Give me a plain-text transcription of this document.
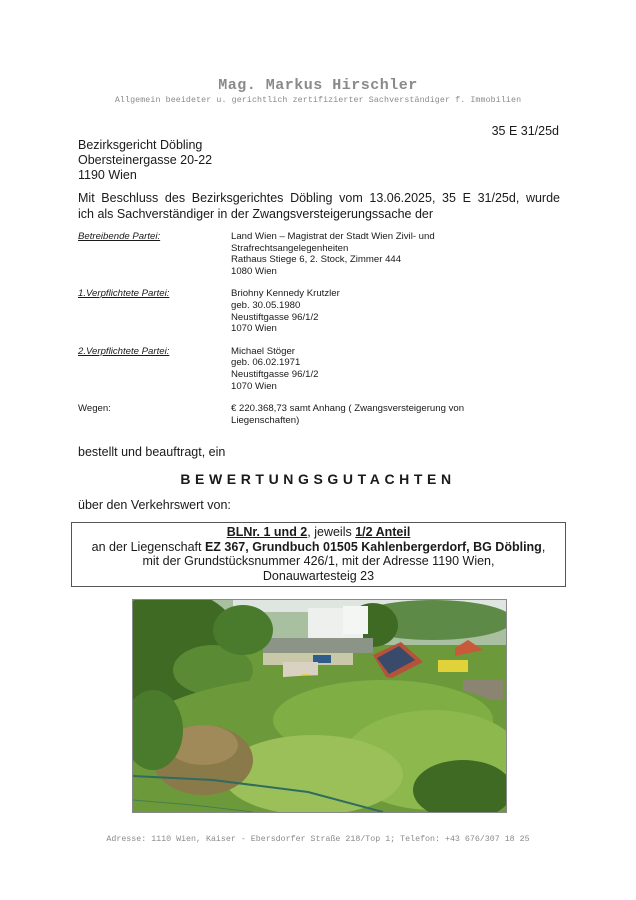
Mag. Markus Hirschler
Allgemein beeideter u. gerichtlich zertifizierter Sachverständiger f. Immobilien
35 E 31/25d
Bezirksgericht Döbling
Obersteinergasse 20-22
1190 Wien
Mit Beschluss des Bezirksgerichtes Döbling vom 13.06.2025, 35 E 31/25d, wurde
ich als Sachverständiger in der Zwangsversteigerungssache der
Betreibende Partei:	Land Wien – Magistrat der Stadt Wien Zivil- und
Strafrechtsangelegenheiten
Rathaus Stiege 6, 2. Stock, Zimmer 444
1080 Wien
1.Verpflichtete Partei:	Briohny Kennedy Krutzler
geb. 30.05.1980
Neustiftgasse 96/1/2
1070 Wien
2.Verpflichtete Partei:	Michael Stöger
geb. 06.02.1971
Neustiftgasse 96/1/2
1070 Wien
Wegen:	€ 220.368,73 samt Anhang ( Zwangsversteigerung von
Liegenschaften)
bestellt und beauftragt, ein
BEWERTUNGSGUTACHTEN
über den Verkehrswert von:
BLNr. 1 und 2, jeweils 1/2 Anteil
an der Liegenschaft EZ 367, Grundbuch 01505 Kahlenbergerdorf, BG Döbling,
mit der Grundstücksnummer 426/1, mit der Adresse 1190 Wien,
Donauwartesteig 23
Adresse: 1110 Wien, Kaiser - Ebersdorfer Straße 218/Top 1; Telefon: +43 676/307 18 25
